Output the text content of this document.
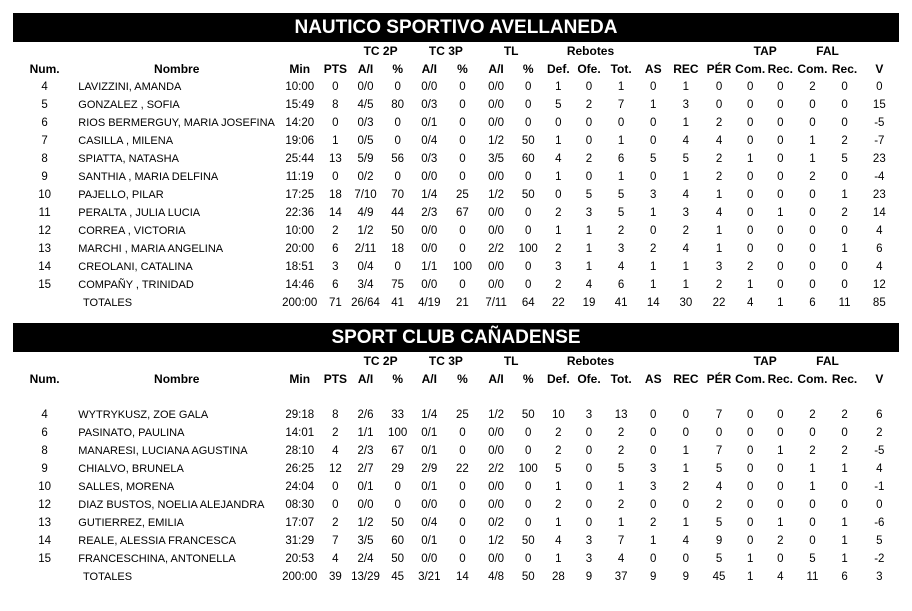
NAUTICO SPORTIVO AVELLANEDA
				TC 2P		TC 3P		TL		Rebotes						TAP		FAL		
Num.	Nombre	Min	PTS	A/I	%	A/I	%	A/I	%	Def.	Ofe.	Tot.	AS	REC	PÉR	Com.	Rec.	Com.	Rec.	V
4	LAVIZZINI, AMANDA	10:00	0	0/0	0	0/0	0	0/0	0	1	0	1	0	1	0	0	0	2	0	0
5	GONZALEZ , SOFIA	15:49	8	4/5	80	0/3	0	0/0	0	5	2	7	1	3	0	0	0	0	0	15
6	RIOS BERMERGUY, MARIA JOSEFINA	14:20	0	0/3	0	0/1	0	0/0	0	0	0	0	0	1	2	0	0	0	0	-5
7	CASILLA , MILENA	19:06	1	0/5	0	0/4	0	1/2	50	1	0	1	0	4	4	0	0	1	2	-7
8	SPIATTA, NATASHA	25:44	13	5/9	56	0/3	0	3/5	60	4	2	6	5	5	2	1	0	1	5	23
9	SANTHIA , MARIA DELFINA	11:19	0	0/2	0	0/0	0	0/0	0	1	0	1	0	1	2	0	0	2	0	-4
10	PAJELLO, PILAR	17:25	18	7/10	70	1/4	25	1/2	50	0	5	5	3	4	1	0	0	0	1	23
11	PERALTA , JULIA LUCIA	22:36	14	4/9	44	2/3	67	0/0	0	2	3	5	1	3	4	0	1	0	2	14
12	CORREA , VICTORIA	10:00	2	1/2	50	0/0	0	0/0	0	1	1	2	0	2	1	0	0	0	0	4
13	MARCHI , MARIA ANGELINA	20:00	6	2/11	18	0/0	0	2/2	100	2	1	3	2	4	1	0	0	0	1	6
14	CREOLANI, CATALINA	18:51	3	0/4	0	1/1	100	0/0	0	3	1	4	1	1	3	2	0	0	0	4
15	COMPAÑY , TRINIDAD	14:46	6	3/4	75	0/0	0	0/0	0	2	4	6	1	1	2	1	0	0	0	12
TOTALES		200:00	71	26/64	41	4/19	21	7/11	64	22	19	41	14	30	22	4	1	6	11	85
SPORT CLUB CAÑADENSE
				TC 2P		TC 3P		TL		Rebotes						TAP		FAL		
Num.	Nombre	Min	PTS	A/I	%	A/I	%	A/I	%	Def.	Ofe.	Tot.	AS	REC	PÉR	Com.	Rec.	Com.	Rec.	V

4	WYTRYKUSZ, ZOE GALA	29:18	8	2/6	33	1/4	25	1/2	50	10	3	13	0	0	7	0	0	2	2	6
6	PASINATO, PAULINA	14:01	2	1/1	100	0/1	0	0/0	0	2	0	2	0	0	0	0	0	0	0	2
8	MANARESI, LUCIANA AGUSTINA	28:10	4	2/3	67	0/1	0	0/0	0	2	0	2	0	1	7	0	1	2	2	-5
9	CHIALVO, BRUNELA	26:25	12	2/7	29	2/9	22	2/2	100	5	0	5	3	1	5	0	0	1	1	4
10	SALLES, MORENA	24:04	0	0/1	0	0/1	0	0/0	0	1	0	1	3	2	4	0	0	1	0	-1
12	DIAZ BUSTOS, NOELIA ALEJANDRA	08:30	0	0/0	0	0/0	0	0/0	0	2	0	2	0	0	2	0	0	0	0	0
13	GUTIERREZ, EMILIA	17:07	2	1/2	50	0/4	0	0/2	0	1	0	1	2	1	5	0	1	0	1	-6
14	REALE, ALESSIA FRANCESCA	31:29	7	3/5	60	0/1	0	1/2	50	4	3	7	1	4	9	0	2	0	1	5
15	FRANCESCHINA, ANTONELLA	20:53	4	2/4	50	0/0	0	0/0	0	1	3	4	0	0	5	1	0	5	1	-2
TOTALES		200:00	39	13/29	45	3/21	14	4/8	50	28	9	37	9	9	45	1	4	11	6	3
